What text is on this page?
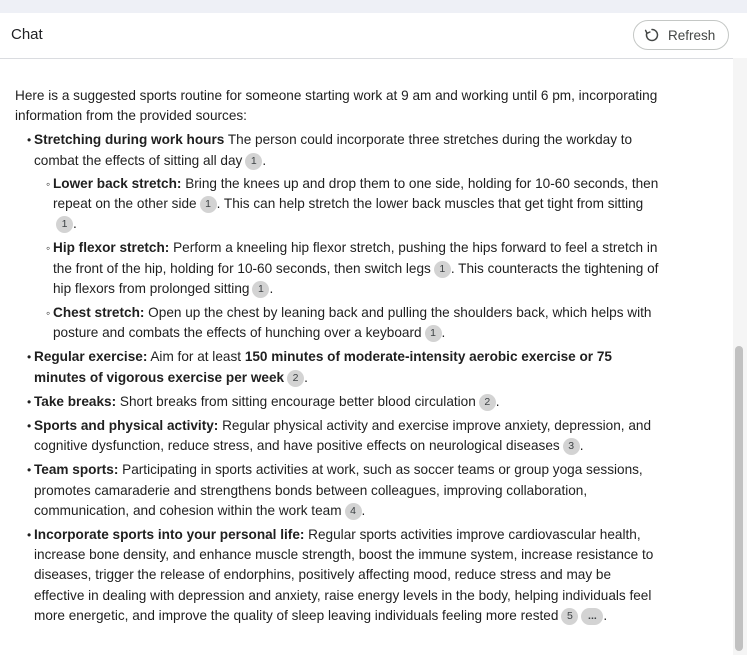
Chat	Refresh

Here is a suggested sports routine for someone starting work at 9 am and working until 6 pm, incorporating information from the provided sources:

• Stretching during work hours The person could incorporate three stretches during the workday to combat the effects of sitting all day 1 .
◦ Lower back stretch: Bring the knees up and drop them to one side, holding for 10-60 seconds, then repeat on the other side 1 . This can help stretch the lower back muscles that get tight from sitting1 .
◦ Hip flexor stretch: Perform a kneeling hip flexor stretch, pushing the hips forward to feel a stretch in the front of the hip, holding for 10-60 seconds, then switch legs 1 . This counteracts the tightening of hip flexors from prolonged sitting 1 .
◦ Chest stretch: Open up the chest by leaning back and pulling the shoulders back, which helps with posture and combats the effects of hunching over a keyboard 1 .
• Regular exercise: Aim for at least 150 minutes of moderate-intensity aerobic exercise or 75 minutes of vigorous exercise per week 2 .
• Take breaks: Short breaks from sitting encourage better blood circulation 2 .
• Sports and physical activity: Regular physical activity and exercise improve anxiety, depression, and cognitive dysfunction, reduce stress, and have positive effects on neurological diseases 3 .
• Team sports: Participating in sports activities at work, such as soccer teams or group yoga sessions, promotes camaraderie and strengthens bonds between colleagues, improving collaboration, communication, and cohesion within the work team 4 .
• Incorporate sports into your personal life: Regular sports activities improve cardiovascular health, increase bone density, and enhance muscle strength, boost the immune system, increase resistance to diseases, trigger the release of endorphins, positively affecting mood, reduce stress and may be effective in dealing with depression and anxiety, raise energy levels in the body, helping individuals feel more energetic, and improve the quality of sleep leaving individuals feeling more rested 5 ... .
